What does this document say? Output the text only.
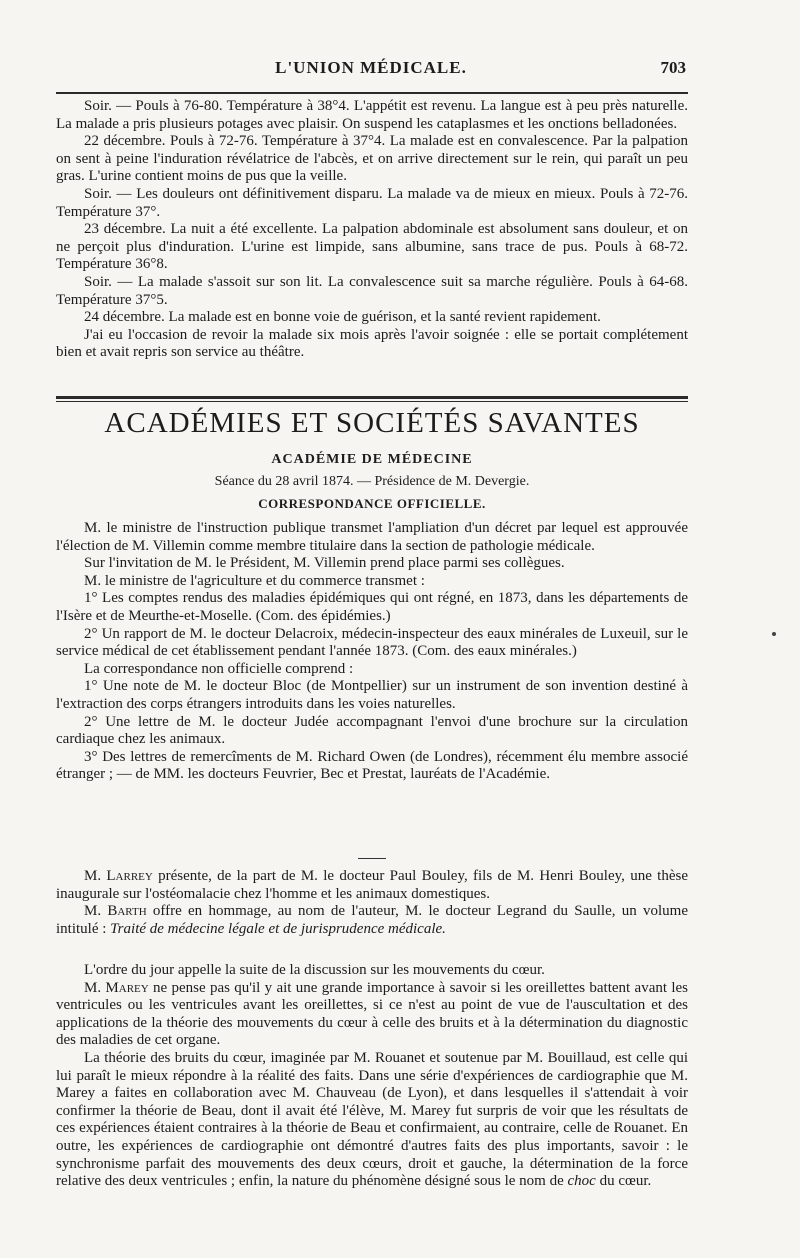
L'UNION MÉDICALE.	703

Soir. — Pouls à 76-80. Température à 38°4. L'appétit est revenu. La langue est à peu près naturelle. La malade a pris plusieurs potages avec plaisir. On suspend les cataplasmes et les onctions belladonées.

22 décembre. Pouls à 72-76. Température à 37°4. La malade est en convalescence. Par la palpation on sent à peine l'induration révélatrice de l'abcès, et on arrive directement sur le rein, qui paraît un peu gras. L'urine contient moins de pus que la veille.

Soir. — Les douleurs ont définitivement disparu. La malade va de mieux en mieux. Pouls à 72-76. Température 37°.

23 décembre. La nuit a été excellente. La palpation abdominale est absolument sans douleur, et on ne perçoit plus d'induration. L'urine est limpide, sans albumine, sans trace de pus. Pouls à 68-72. Température 36°8.

Soir. — La malade s'assoit sur son lit. La convalescence suit sa marche régulière. Pouls à 64-68. Température 37°5.

24 décembre. La malade est en bonne voie de guérison, et la santé revient rapidement.

J'ai eu l'occasion de revoir la malade six mois après l'avoir soignée : elle se portait complétement bien et avait repris son service au théâtre.

ACADÉMIES ET SOCIÉTÉS SAVANTES
ACADÉMIE DE MÉDECINE
Séance du 28 avril 1874. — Présidence de M. Devergie.
CORRESPONDANCE OFFICIELLE.

M. le ministre de l'instruction publique transmet l'ampliation d'un décret par lequel est approuvée l'élection de M. Villemin comme membre titulaire dans la section de pathologie médicale.

Sur l'invitation de M. le Président, M. Villemin prend place parmi ses collègues.

M. le ministre de l'agriculture et du commerce transmet :

1° Les comptes rendus des maladies épidémiques qui ont régné, en 1873, dans les départements de l'Isère et de Meurthe-et-Moselle. (Com. des épidémies.)

2° Un rapport de M. le docteur Delacroix, médecin-inspecteur des eaux minérales de Luxeuil, sur le service médical de cet établissement pendant l'année 1873. (Com. des eaux minérales.)

La correspondance non officielle comprend :

1° Une note de M. le docteur Bloc (de Montpellier) sur un instrument de son invention destiné à l'extraction des corps étrangers introduits dans les voies naturelles.

2° Une lettre de M. le docteur Judée accompagnant l'envoi d'une brochure sur la circulation cardiaque chez les animaux.

3° Des lettres de remercîments de M. Richard Owen (de Londres), récemment élu membre associé étranger ; — de MM. les docteurs Feuvrier, Bec et Prestat, lauréats de l'Académie.

M. Larrey présente, de la part de M. le docteur Paul Bouley, fils de M. Henri Bouley, une thèse inaugurale sur l'ostéomalacie chez l'homme et les animaux domestiques.

M. Barth offre en hommage, au nom de l'auteur, M. le docteur Legrand du Saulle, un volume intitulé : Traité de médecine légale et de jurisprudence médicale.

L'ordre du jour appelle la suite de la discussion sur les mouvements du cœur.

M. Marey ne pense pas qu'il y ait une grande importance à savoir si les oreillettes battent avant les ventricules ou les ventricules avant les oreillettes, si ce n'est au point de vue de l'auscultation et des applications de la théorie des mouvements du cœur à celle des bruits et à la détermination du diagnostic des maladies de cet organe.

La théorie des bruits du cœur, imaginée par M. Rouanet et soutenue par M. Bouillaud, est celle qui lui paraît le mieux répondre à la réalité des faits. Dans une série d'expériences de cardiographie que M. Marey a faites en collaboration avec M. Chauveau (de Lyon), et dans lesquelles il s'attendait à voir confirmer la théorie de Beau, dont il avait été l'élève, M. Marey fut surpris de voir que les résultats de ces expériences étaient contraires à la théorie de Beau et confirmaient, au contraire, celle de Rouanet. En outre, les expériences de cardiographie ont démontré d'autres faits des plus importants, savoir : le synchronisme parfait des mouvements des deux cœurs, droit et gauche, la détermination de la force relative des deux ventricules ; enfin, la nature du phénomène désigné sous le nom de choc du cœur.
